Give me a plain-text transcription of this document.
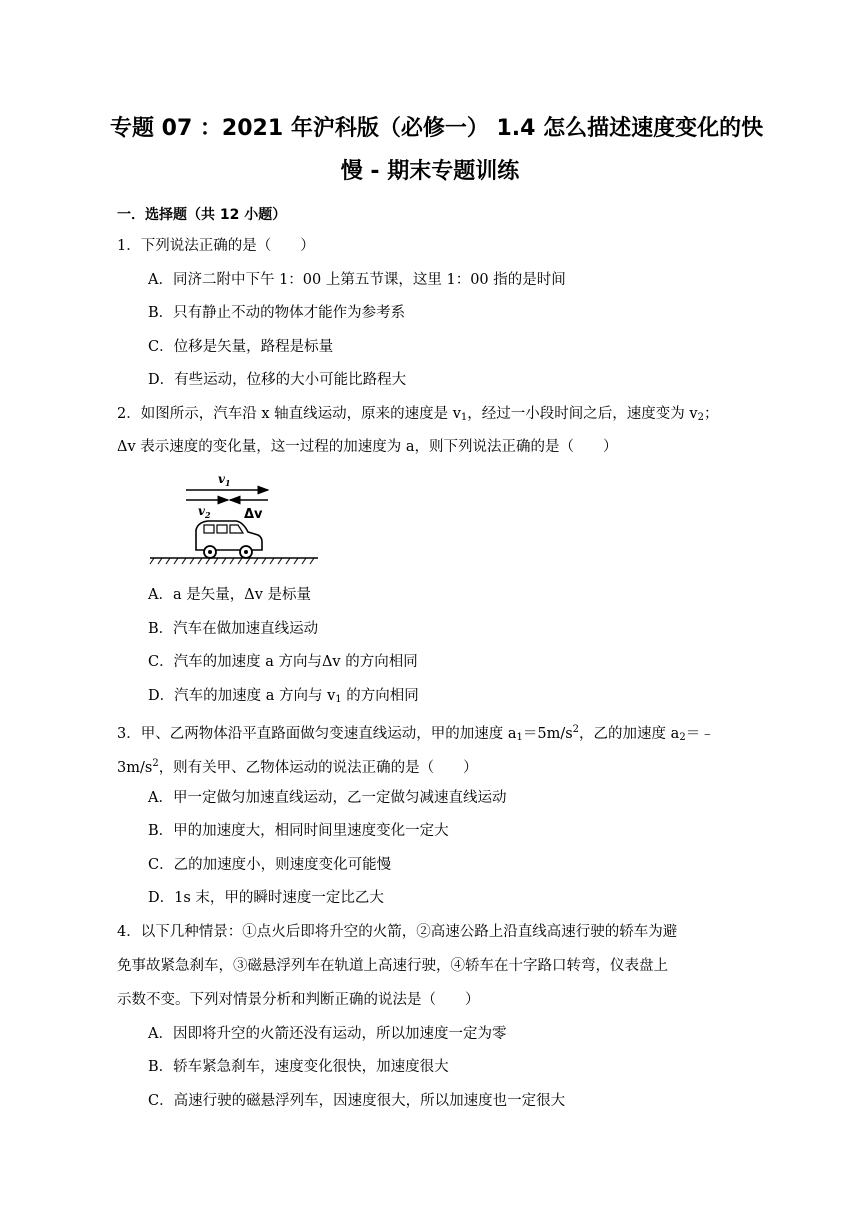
专题 07 ：2021 年沪科版（必修一） 1.4 怎么描述速度变化的快
慢 - 期末专题训练
一．选择题（共 12 小题）
1．下列说法正确的是（　　）
A．同济二附中下午 1：00 上第五节课，这里 1：00 指的是时间
B．只有静止不动的物体才能作为参考系
C．位移是矢量，路程是标量
D．有些运动，位移的大小可能比路程大
2．如图所示，汽车沿 x 轴直线运动，原来的速度是 $v_1$，经过一小段时间之后，速度变为 $v_2$；
Δv 表示速度的变化量，这一过程的加速度为 a，则下列说法正确的是（　　）
$v_1$
$v_2$	Δv
A．a 是矢量，Δv 是标量
B．汽车在做加速直线运动
C．汽车的加速度 a 方向与Δv 的方向相同
D．汽车的加速度 a 方向与 $v_1$ 的方向相同
3．甲、乙两物体沿平直路面做匀变速直线运动，甲的加速度 $a_1=5m/s^2$，乙的加速度 $a_2=﹣$
$3m/s^2$，则有关甲、乙物体运动的说法正确的是（　　）
A．甲一定做匀加速直线运动，乙一定做匀减速直线运动
B．甲的加速度大，相同时间里速度变化一定大
C．乙的加速度小，则速度变化可能慢
D．1s 末，甲的瞬时速度一定比乙大
4．以下几种情景：①点火后即将升空的火箭，②高速公路上沿直线高速行驶的轿车为避
免事故紧急刹车，③磁悬浮列车在轨道上高速行驶，④轿车在十字路口转弯，仪表盘上
示数不变。下列对情景分析和判断正确的说法是（　　）
A．因即将升空的火箭还没有运动，所以加速度一定为零
B．轿车紧急刹车，速度变化很快，加速度很大
C．高速行驶的磁悬浮列车，因速度很大，所以加速度也一定很大
